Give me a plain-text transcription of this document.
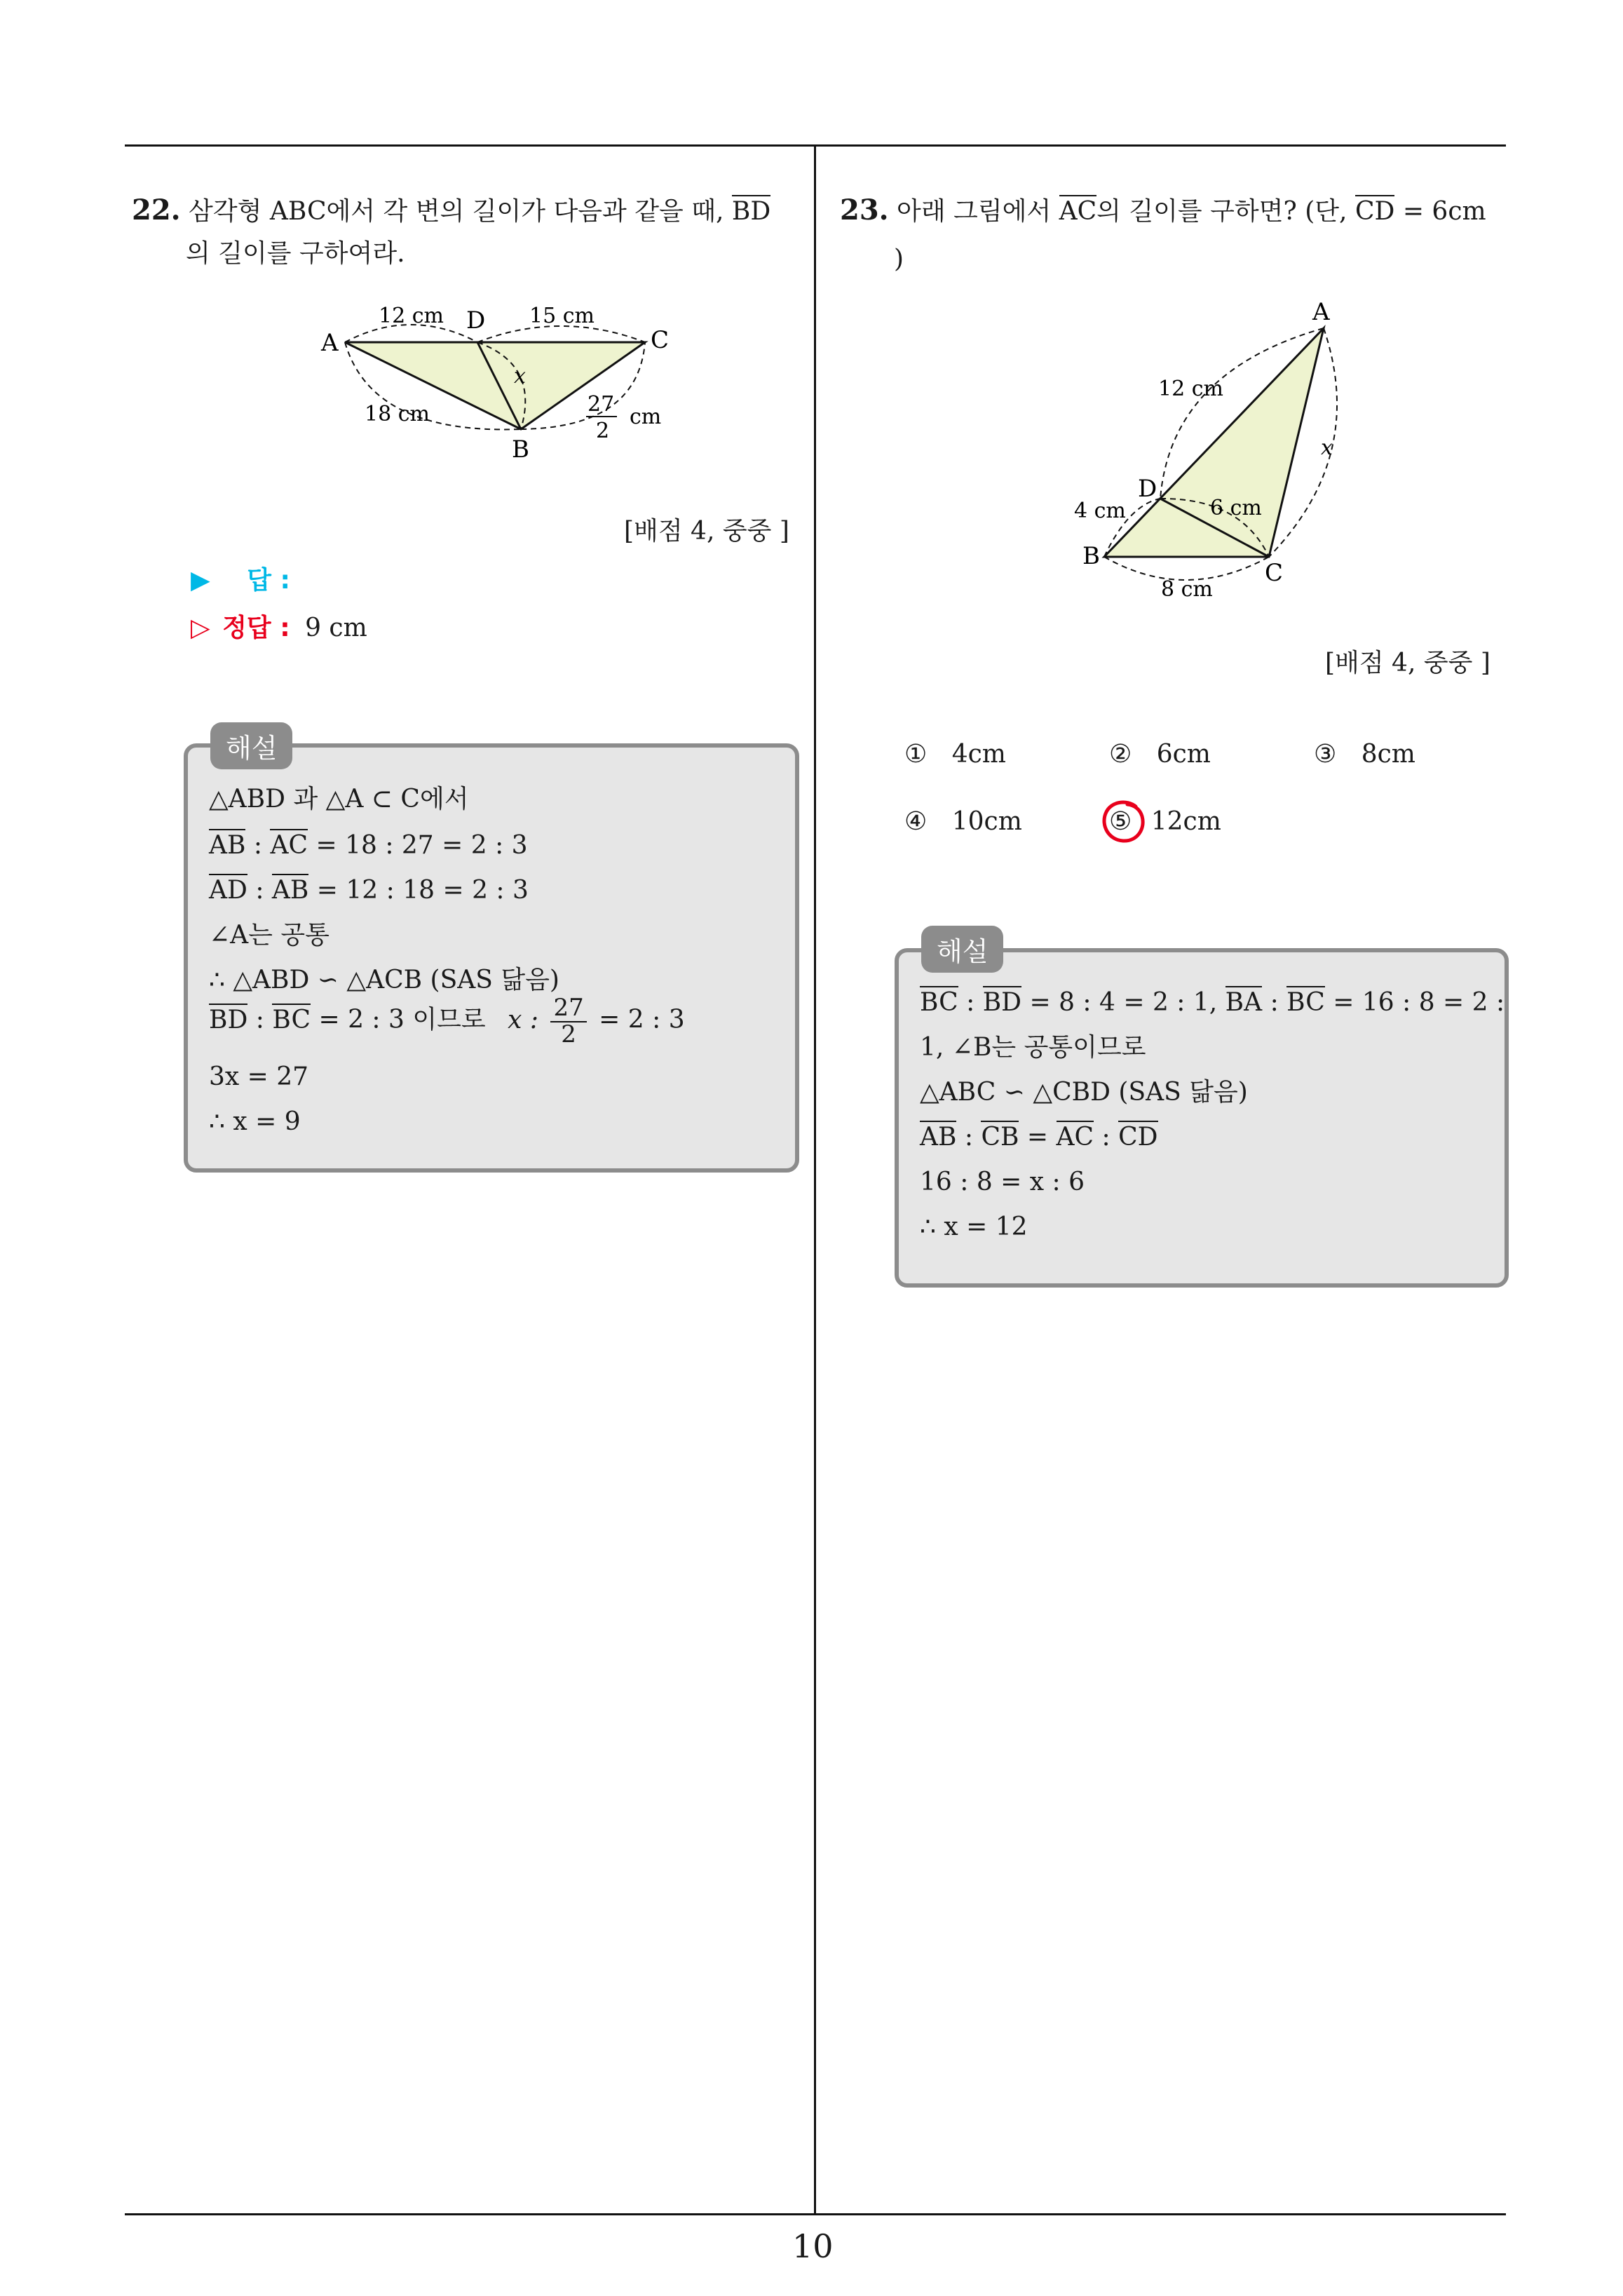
10
22. 삼각형 ABC에서 각 변의 길이가 다음과 같을 때, BD
의 길이를 구하여라.
A
D
C
B
x
12 cm	15 cm
18 cm	27
2
cm
[배점 4, 중중 ]
▶ 답 :
▷ 정답 : 9 cm
△ABD 과 △A ⊂ C에서
AB : AC = 18 : 27 = 2 : 3
AD : AB = 12 : 18 = 2 : 3
∠A는 공통
∴ △ABD ∽ △ACB (SAS 닮음)
BD : BC = 2 : 3 이므로 x : $\frac{27}{2} = 2$ : 3
3x = 27
∴ x = 9
해설
23. 아래 그림에서 AC의 길이를 구하면? (단, CD = 6cm
)
A
D
B
C
x
12 cm
4 cm	6 cm
8 cm
[배점 4, 중중 ]
① 4cm	② 6cm	③ 8cm
④ 10cm	⑤ 12cm
BC : BD = 8 : 4 = 2 : 1, BA : BC = 16 : 8 = 2 :
1, ∠B는 공통이므로
△ABC ∽ △CBD (SAS 닮음)
AB : CB = AC : CD
16 : 8 = x : 6
∴ x = 12
해설
